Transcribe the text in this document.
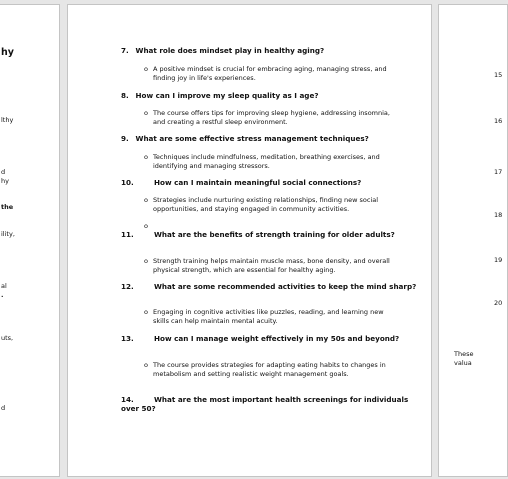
hy
lthy
d
hy
the
ility,
al
.
uts,
d
7. What role does mindset play in healthy aging?
o A positive mindset is crucial for embracing aging, managing stress, and finding joy in life's experiences.
8. How can I improve my sleep quality as I age?
o The course offers tips for improving sleep hygiene, addressing insomnia, and creating a restful sleep environment.
9. What are some effective stress management techniques?
o Techniques include mindfulness, meditation, breathing exercises, and identifying and managing stressors.
10.	How can I maintain meaningful social connections?
o Strategies include nurturing existing relationships, finding new social opportunities, and staying engaged in community activities.
o
11.	What are the benefits of strength training for older adults?
o Strength training helps maintain muscle mass, bone density, and overall physical strength, which are essential for healthy aging.
12.	What are some recommended activities to keep the mind sharp?
o Engaging in cognitive activities like puzzles, reading, and learning new skills can help maintain mental acuity.
13.	How can I manage weight effectively in my 50s and beyond?
o The course provides strategies for adapting eating habits to changes in metabolism and setting realistic weight management goals.
14.	What are the most important health screenings for individuals over 50?
15
16
17
18
19
20
These
valua
